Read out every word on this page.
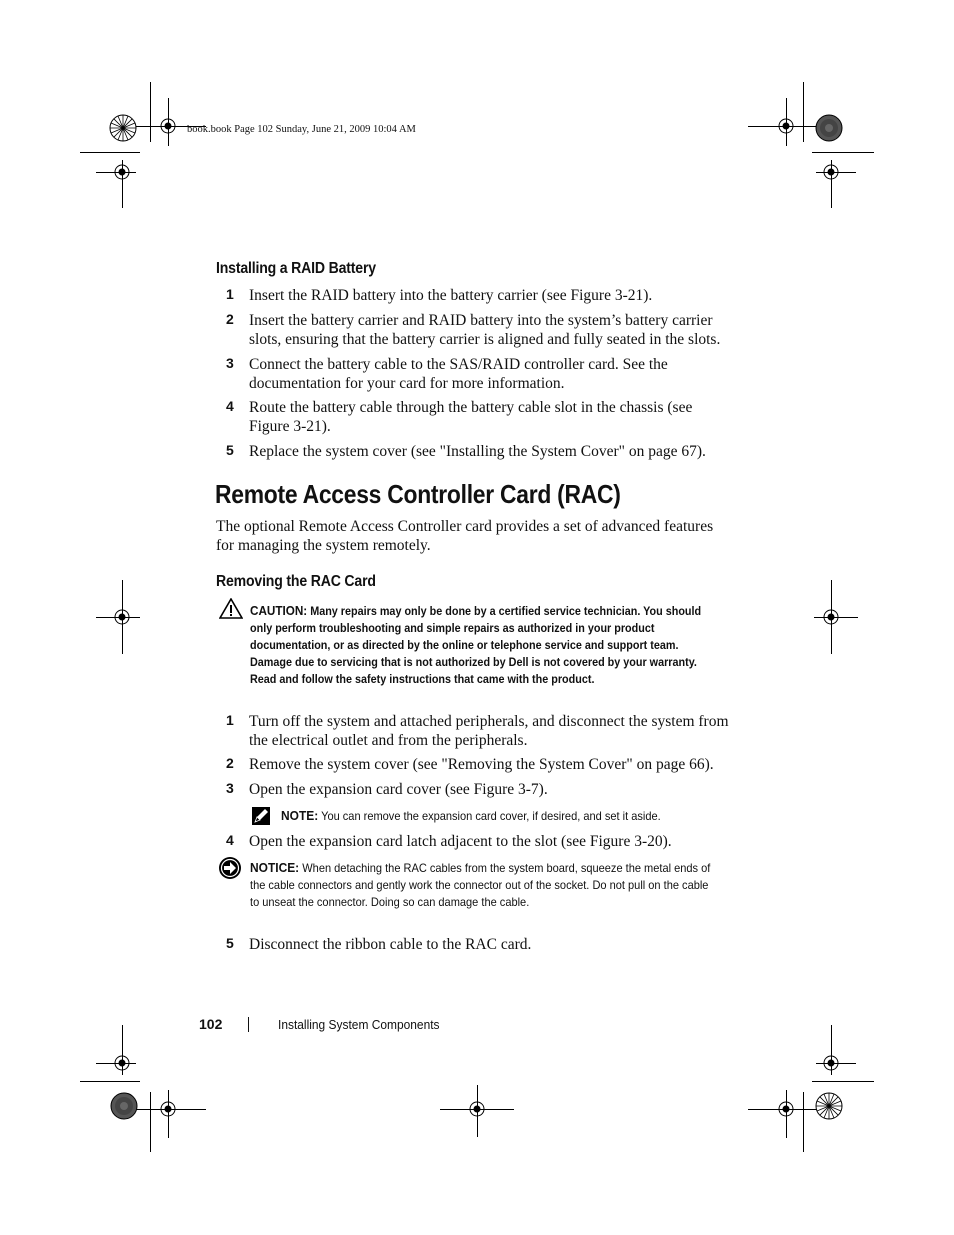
book.book Page 102 Sunday, June 21, 2009 10:04 AM
Installing a RAID Battery
1 Insert the RAID battery into the battery carrier (see Figure 3-21).
2 Insert the battery carrier and RAID battery into the system’s battery carrier slots, ensuring that the battery carrier is aligned and fully seated in the slots.
3 Connect the battery cable to the SAS/RAID controller card. See the documentation for your card for more information.
4 Route the battery cable through the battery cable slot in the chassis (see Figure 3-21).
5 Replace the system cover (see "Installing the System Cover" on page 67).
Remote Access Controller Card (RAC)
The optional Remote Access Controller card provides a set of advanced features for managing the system remotely.
Removing the RAC Card
CAUTION: Many repairs may only be done by a certified service technician. You should only perform troubleshooting and simple repairs as authorized in your product documentation, or as directed by the online or telephone service and support team. Damage due to servicing that is not authorized by Dell is not covered by your warranty. Read and follow the safety instructions that came with the product.
1 Turn off the system and attached peripherals, and disconnect the system from the electrical outlet and from the peripherals.
2 Remove the system cover (see "Removing the System Cover" on page 66).
3 Open the expansion card cover (see Figure 3-7).
NOTE: You can remove the expansion card cover, if desired, and set it aside.
4 Open the expansion card latch adjacent to the slot (see Figure 3-20).
NOTICE: When detaching the RAC cables from the system board, squeeze the metal ends of the cable connectors and gently work the connector out of the socket. Do not pull on the cable to unseat the connector. Doing so can damage the cable.
5 Disconnect the ribbon cable to the RAC card.
102	Installing System Components
